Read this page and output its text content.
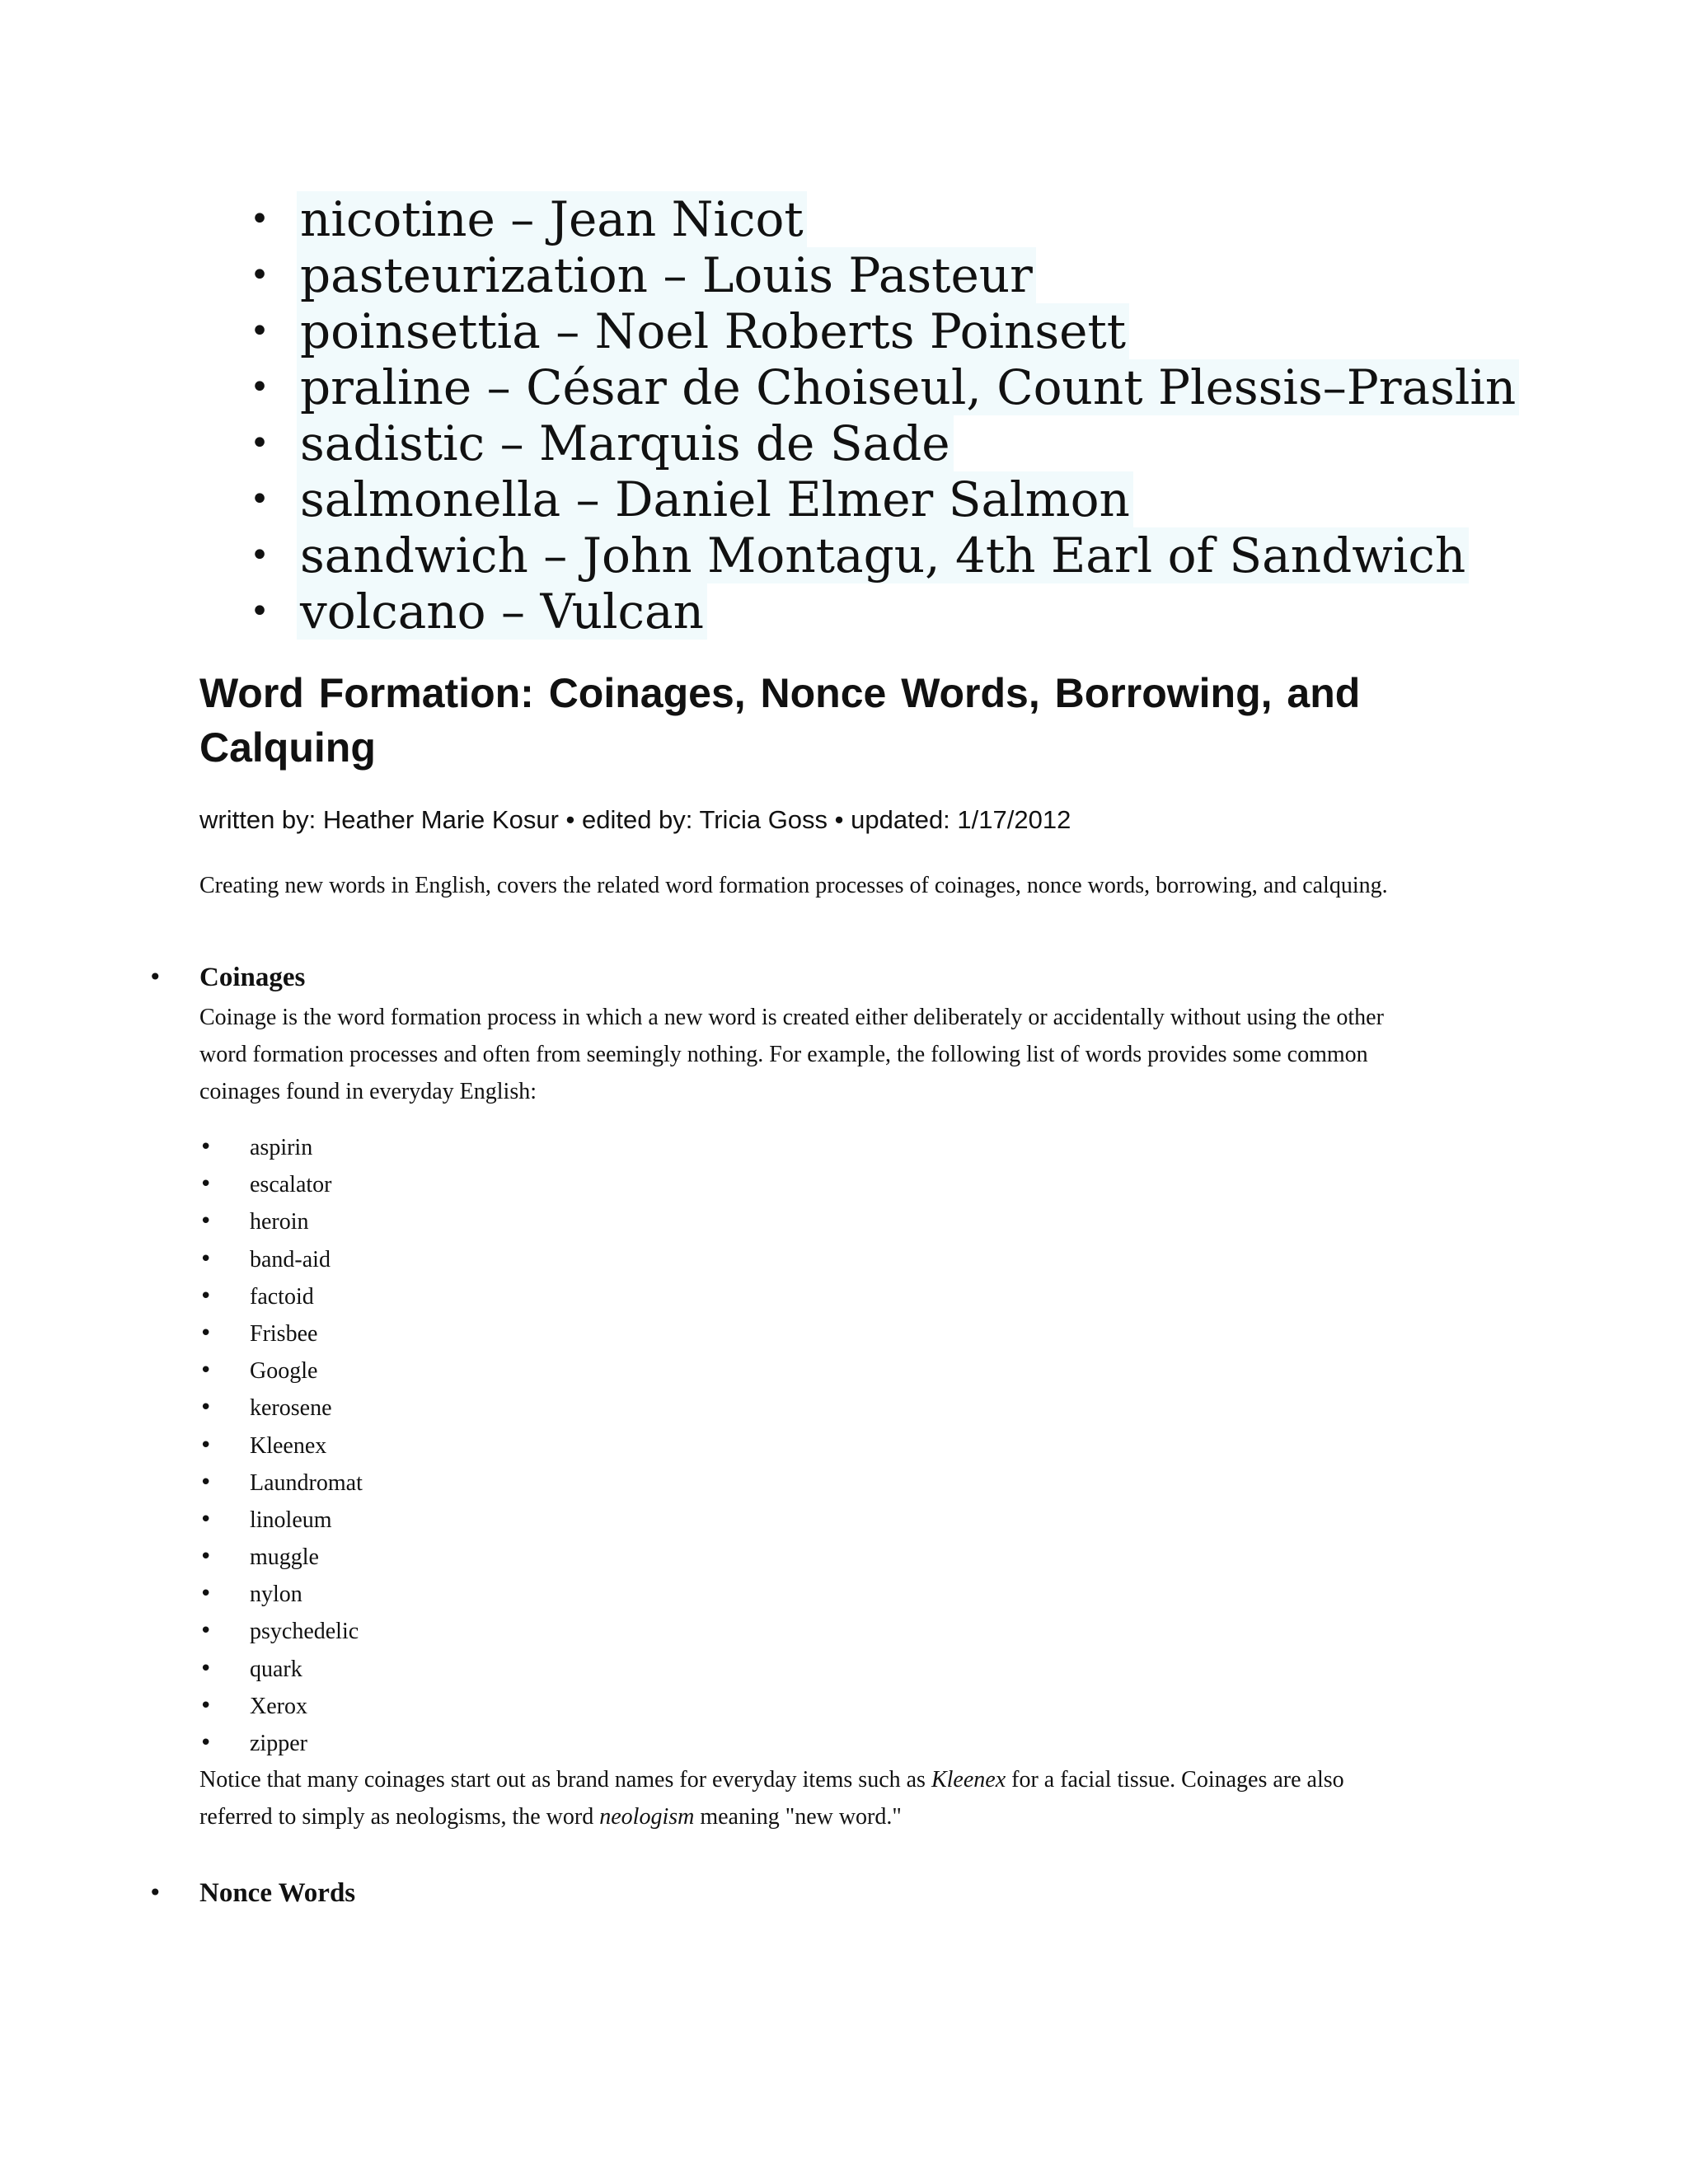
• nicotine – Jean Nicot
• pasteurization – Louis Pasteur
• poinsettia – Noel Roberts Poinsett
• praline – César de Choiseul, Count Plessis–Praslin
• sadistic – Marquis de Sade
• salmonella – Daniel Elmer Salmon
• sandwich – John Montagu, 4th Earl of Sandwich
• volcano – Vulcan
Word Formation: Coinages, Nonce Words, Borrowing, and Calquing

written by: Heather Marie Kosur • edited by: Tricia Goss • updated: 1/17/2012

Creating new words in English, covers the related word formation processes of coinages, nonce words, borrowing, and calquing.

• Coinages

Coinage is the word formation process in which a new word is created either deliberately or accidentally without using the other
word formation processes and often from seemingly nothing. For example, the following list of words provides some common
coinages found in everyday English:

• aspirin
• escalator
• heroin
• band-aid
• factoid
• Frisbee
• Google
• kerosene
• Kleenex
• Laundromat
• linoleum
• muggle
• nylon
• psychedelic
• quark
• Xerox
• zipper

Notice that many coinages start out as brand names for everyday items such as Kleenex for a facial tissue. Coinages are also
referred to simply as neologisms, the word neologism meaning "new word."

• Nonce Words
